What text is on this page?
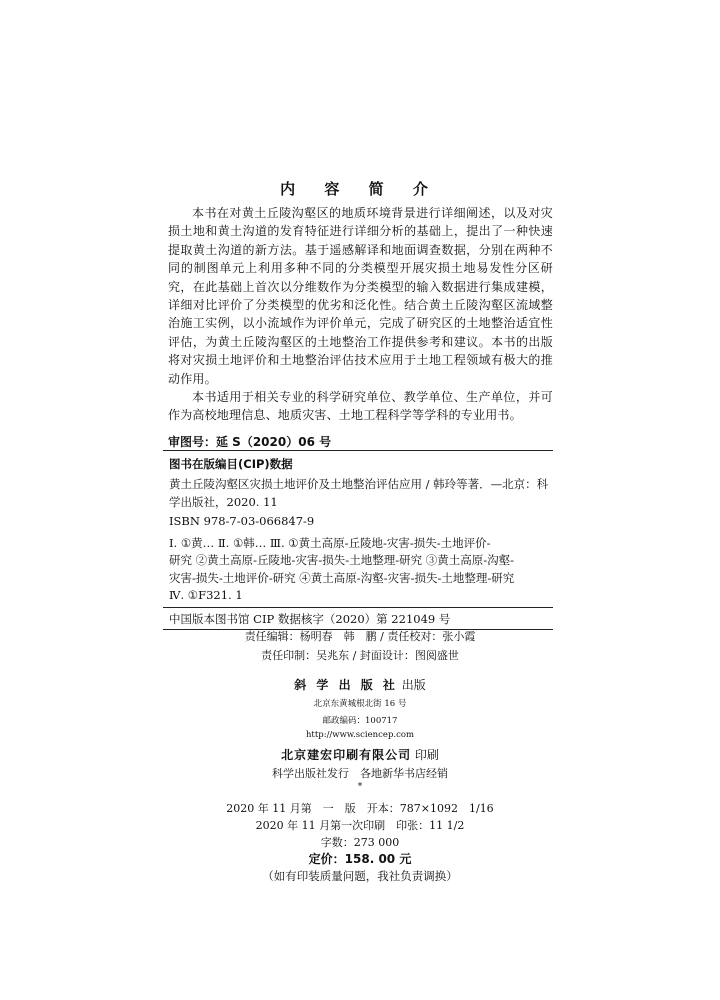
内 容 简 介

本书在对黄土丘陵沟壑区的地质环境背景进行详细阐述，以及对灾损土地和黄土沟道的发育特征进行详细分析的基础上，提出了一种快速提取黄土沟道的新方法。基于遥感解译和地面调查数据，分别在两种不同的制图单元上利用多种不同的分类模型开展灾损土地易发性分区研究，在此基础上首次以分维数作为分类模型的输入数据进行集成建模，详细对比评价了分类模型的优劣和泛化性。结合黄土丘陵沟壑区流域整治施工实例，以小流域作为评价单元，完成了研究区的土地整治适宜性评估，为黄土丘陵沟壑区的土地整治工作提供参考和建议。本书的出版将对灾损土地评价和土地整治评估技术应用于土地工程领域有极大的推动作用。

本书适用于相关专业的科学研究单位、教学单位、生产单位，并可作为高校地理信息、地质灾害、土地工程科学等学科的专业用书。

审图号：延 S（2020）06 号
图书在版编目(CIP)数据
黄土丘陵沟壑区灾损土地评价及土地整治评估应用 / 韩玲等著．—北京：科学出版社，2020. 11
ISBN 978-7-03-066847-9
Ⅰ. ①黄… Ⅱ. ①韩… Ⅲ. ①黄土高原-丘陵地-灾害-损失-土地评价-
研究 ②黄土高原-丘陵地-灾害-损失-土地整理-研究 ③黄土高原-沟壑-
灾害-损失-土地评价-研究 ④黄土高原-沟壑-灾害-损失-土地整理-研究
Ⅳ. ①F321. 1
中国版本图书馆 CIP 数据核字（2020）第 221049 号
责任编辑：杨明春　韩　鹏 / 责任校对：张小霞
责任印制：吴兆东 / 封面设计：图阅盛世
斜 学 出 版 社 出版
北京东黄城根北街 16 号
邮政编码：100717
http://www.sciencep.com
北京建宏印刷有限公司 印刷
科学出版社发行　各地新华书店经销
*
2020 年 11 月第　一　版　开本：787×1092　1/16
2020 年 11 月第一次印刷　印张：11 1/2
字数：273 000
定价：158. 00 元
（如有印装质量问题，我社负责调换）
